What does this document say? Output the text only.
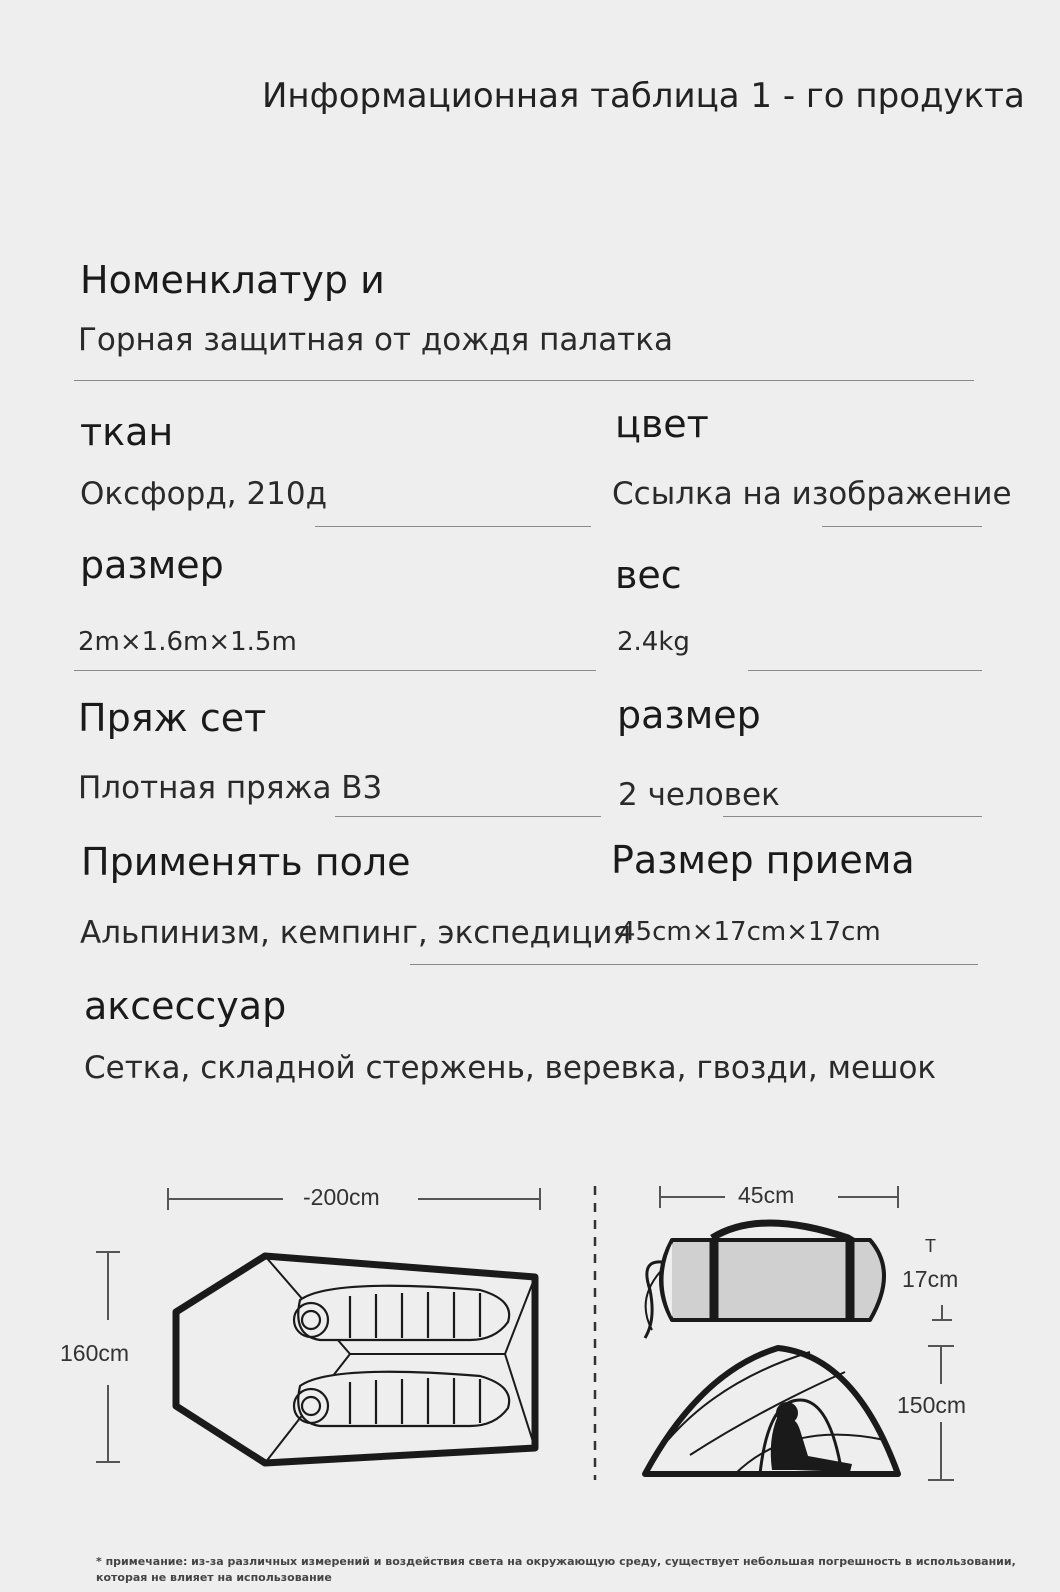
Информационная таблица 1 - го продукта
Номенклатур и
Горная защитная от дождя палатка
ткан
Оксфорд, 210д
цвет
Ссылка на изображение
размер
2m×1.6m×1.5m
вес
2.4kg
Пряж сет
Плотная пряжа B3
размер
2 человек
Применять поле
Альпинизм, кемпинг, экспедиция
Размер приема
45cm×17cm×17cm
аксессуар
Сетка, складной стержень, веревка, гвозди, мешок
-200cm
160cm
45cm
T
17cm
150cm
* примечание: из-за различных измерений и воздействия света на окружающую среду, существует небольшая погрешность в использовании, которая не влияет на использование
